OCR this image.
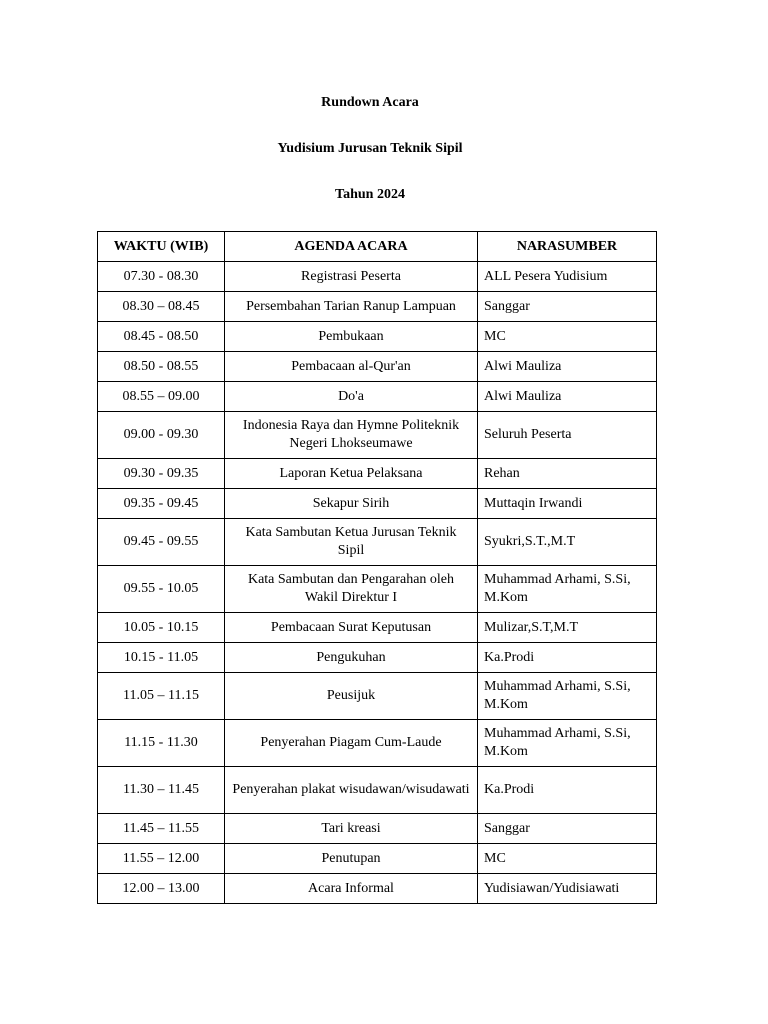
Rundown Acara
Yudisium Jurusan Teknik Sipil
Tahun 2024
WAKTU (WIB)	AGENDA ACARA	NARASUMBER
07.30 - 08.30	Registrasi Peserta	ALL Pesera Yudisium
08.30 – 08.45	Persembahan Tarian Ranup Lampuan	Sanggar
08.45 - 08.50	Pembukaan	MC
08.50 - 08.55	Pembacaan al-Qur'an	Alwi Mauliza
08.55 – 09.00	Do'a	Alwi Mauliza
09.00 - 09.30	Indonesia Raya dan Hymne Politeknik Negeri Lhokseumawe	Seluruh Peserta
09.30 - 09.35	Laporan Ketua Pelaksana	Rehan
09.35 - 09.45	Sekapur Sirih	Muttaqin Irwandi
09.45 - 09.55	Kata Sambutan Ketua Jurusan Teknik Sipil	Syukri,S.T.,M.T
09.55 - 10.05	Kata Sambutan dan Pengarahan oleh Wakil Direktur I	Muhammad Arhami, S.Si, M.Kom
10.05 - 10.15	Pembacaan Surat Keputusan	Mulizar,S.T,M.T
10.15 - 11.05	Pengukuhan	Ka.Prodi
11.05 – 11.15	Peusijuk	Muhammad Arhami, S.Si, M.Kom
11.15 - 11.30	Penyerahan Piagam Cum-Laude	Muhammad Arhami, S.Si, M.Kom
11.30 – 11.45	Penyerahan plakat wisudawan/wisudawati	Ka.Prodi
11.45 – 11.55	Tari kreasi	Sanggar
11.55 – 12.00	Penutupan	MC
12.00 – 13.00	Acara Informal	Yudisiawan/Yudisiawati
